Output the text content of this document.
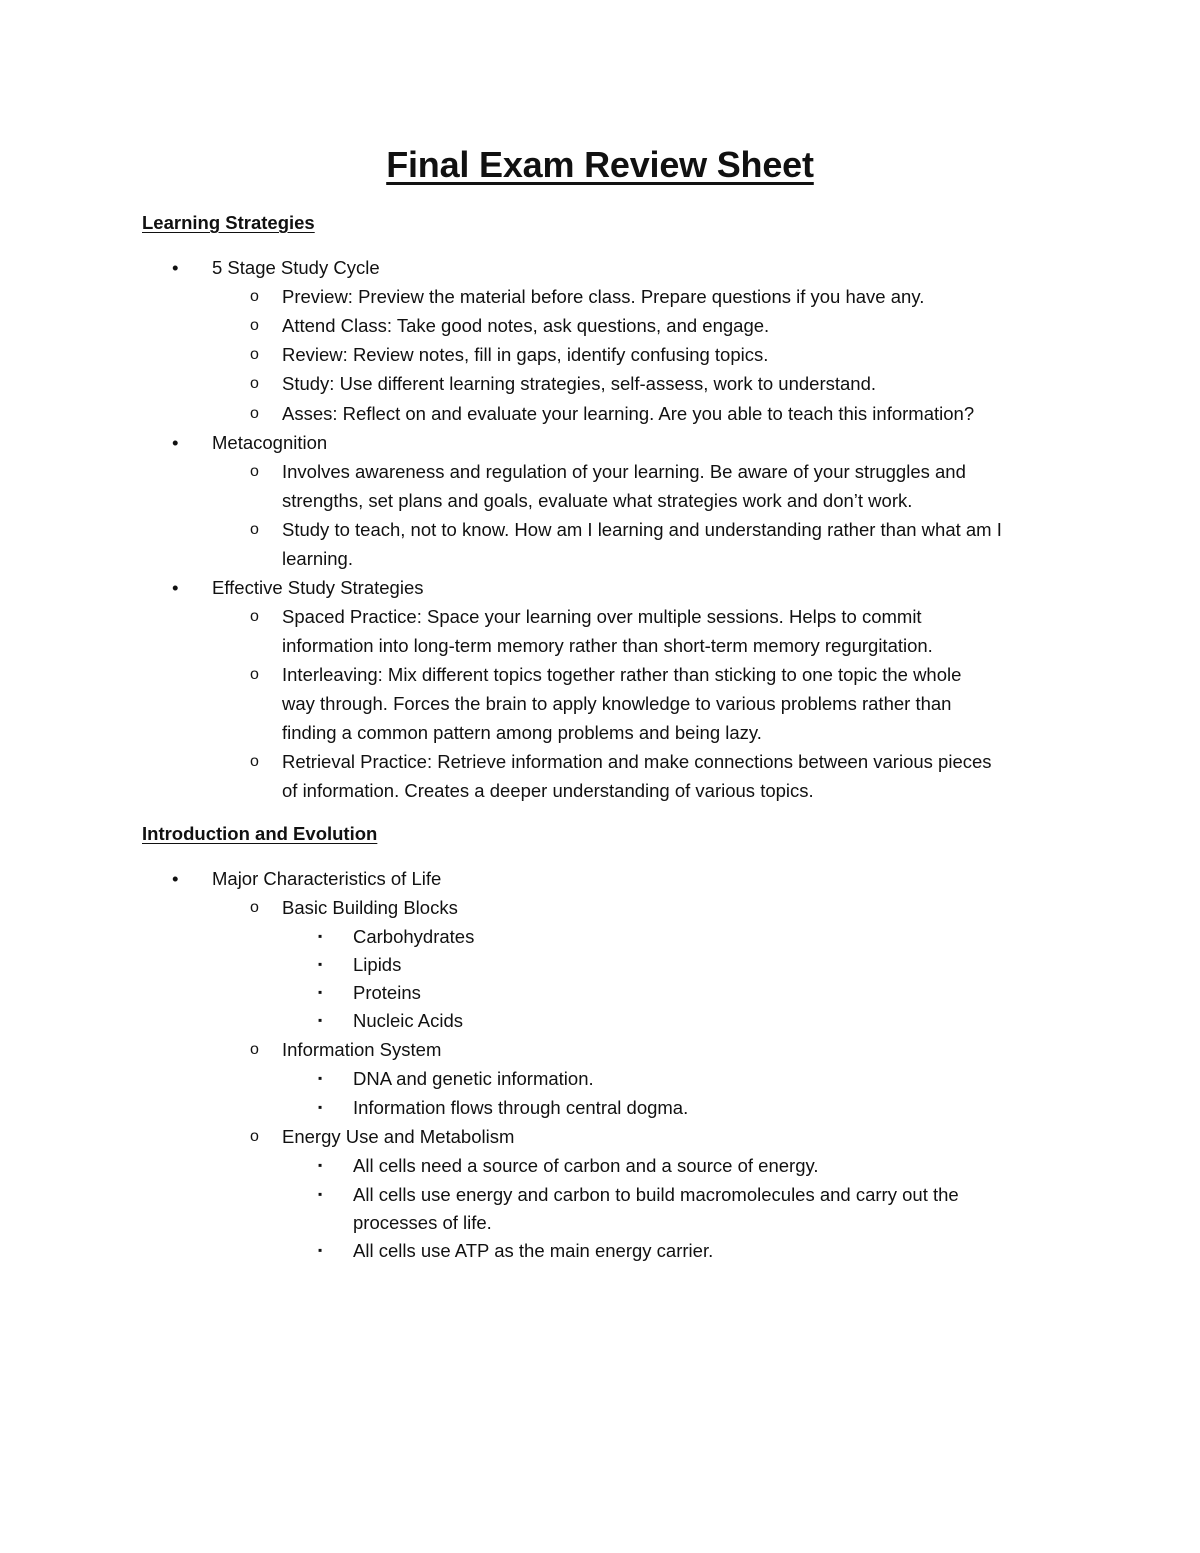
Final Exam Review Sheet
Learning Strategies
• 5 Stage Study Cycle
o Preview: Preview the material before class. Prepare questions if you have any.
o Attend Class: Take good notes, ask questions, and engage.
o Review: Review notes, fill in gaps, identify confusing topics.
o Study: Use different learning strategies, self-assess, work to understand.
o Asses: Reflect on and evaluate your learning. Are you able to teach this information?
• Metacognition
o Involves awareness and regulation of your learning. Be aware of your struggles and
strengths, set plans and goals, evaluate what strategies work and don’t work.
o Study to teach, not to know. How am I learning and understanding rather than what am I
learning.
• Effective Study Strategies
o Spaced Practice: Space your learning over multiple sessions. Helps to commit
information into long-term memory rather than short-term memory regurgitation.
o Interleaving: Mix different topics together rather than sticking to one topic the whole
way through. Forces the brain to apply knowledge to various problems rather than
finding a common pattern among problems and being lazy.
o Retrieval Practice: Retrieve information and make connections between various pieces
of information. Creates a deeper understanding of various topics.
Introduction and Evolution
• Major Characteristics of Life
o Basic Building Blocks
▪ Carbohydrates
▪ Lipids
▪ Proteins
▪ Nucleic Acids
o Information System
▪ DNA and genetic information.
▪ Information flows through central dogma.
o Energy Use and Metabolism
▪ All cells need a source of carbon and a source of energy.
▪ All cells use energy and carbon to build macromolecules and carry out the
processes of life.
▪ All cells use ATP as the main energy carrier.
